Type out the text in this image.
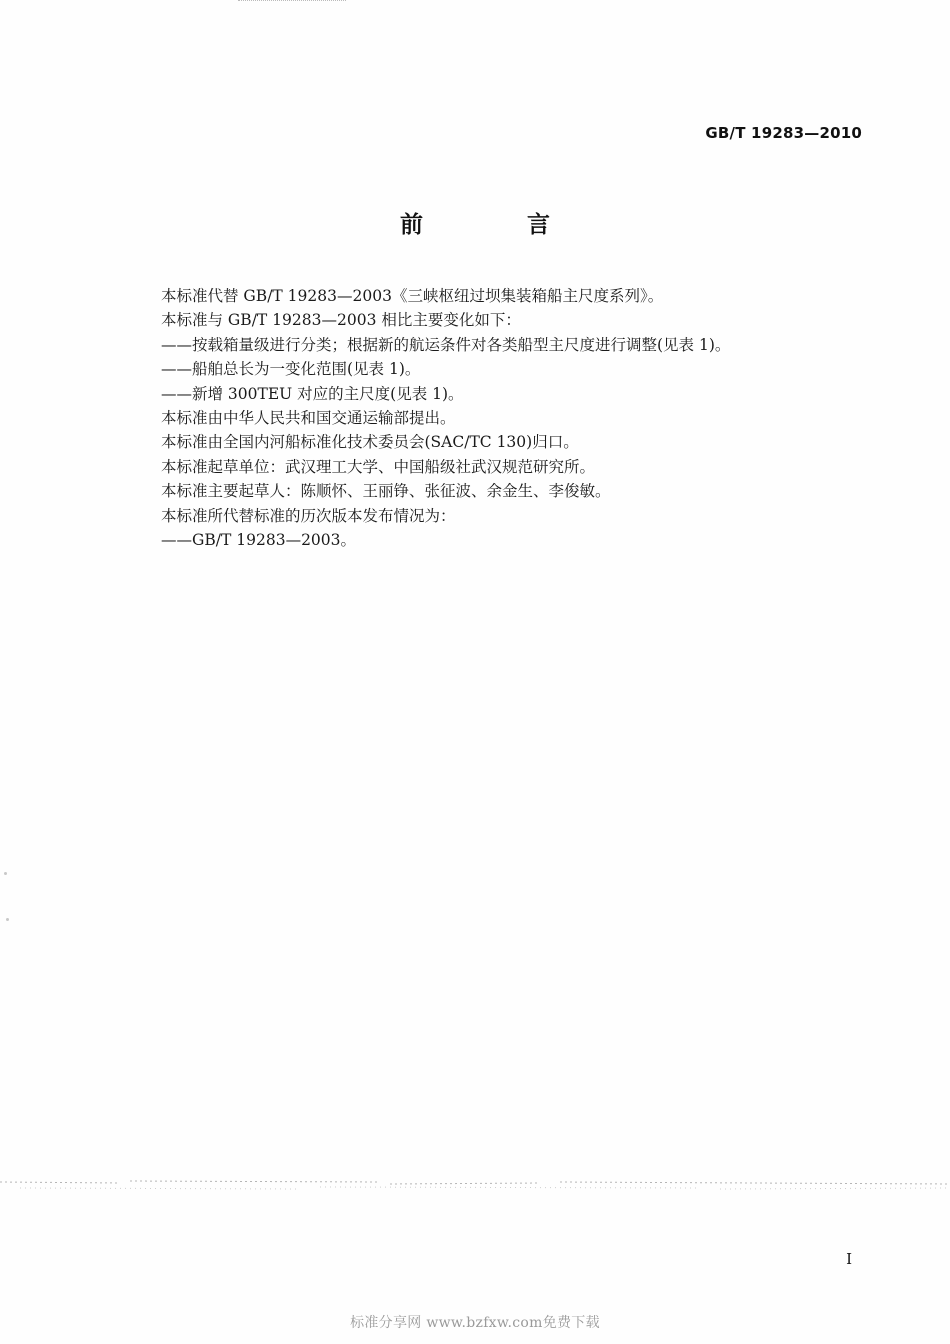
GB/T 19283—2010
前 言
本标准代替 GB/T 19283—2003《三峡枢纽过坝集装箱船主尺度系列》。
本标准与 GB/T 19283—2003 相比主要变化如下：
——按载箱量级进行分类；根据新的航运条件对各类船型主尺度进行调整(见表 1)。
——船舶总长为一变化范围(见表 1)。
——新增 300TEU 对应的主尺度(见表 1)。
本标准由中华人民共和国交通运输部提出。
本标准由全国内河船标准化技术委员会(SAC/TC 130)归口。
本标准起草单位：武汉理工大学、中国船级社武汉规范研究所。
本标准主要起草人：陈顺怀、王丽铮、张征波、余金生、李俊敏。
本标准所代替标准的历次版本发布情况为：
——GB/T 19283—2003。
I
标准分享网 www.bzfxw.com免费下载
